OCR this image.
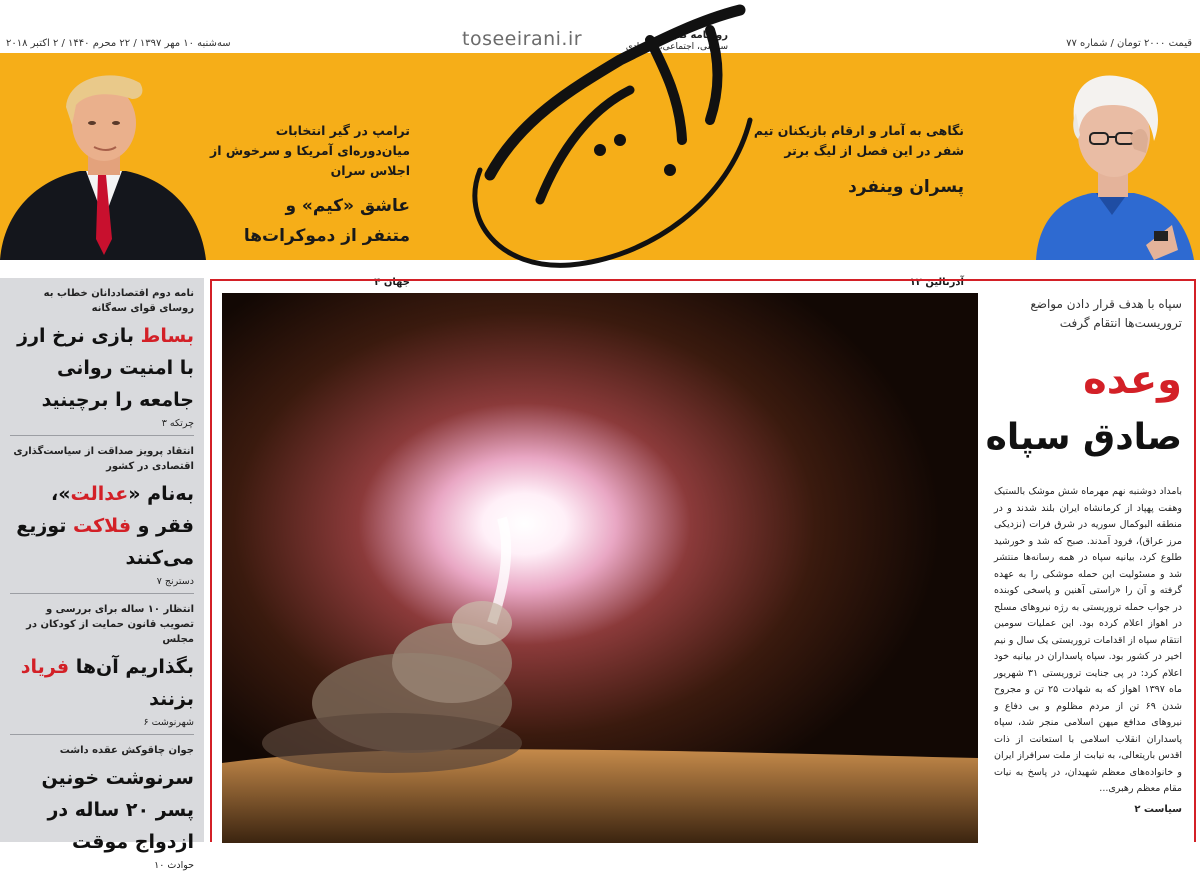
قیمت ۲۰۰۰ تومان / شماره ۷۷
سه‌شنبه ۱۰ مهر ۱۳۹۷ / ۲۲ محرم ۱۴۴۰ / ۲ اکتبر ۲۰۱۸	toseeirani.ir	روزنامه صبح
سیاسی، اجتماعی، اقتصادی
نگاهی به آمار و ارقام بازیکنان تیم شفر در این فصل از لیگ برتر
پسران وینفرد
آدرنالین ۱۲
ترامپ در گیر انتخابات میان‌دوره‌ای آمریکا و سرخوش از اجلاس سران
عاشق «کیم» و
متنفر از دموکرات‌ها
جهان ۴
نامه دوم اقتصاددانان خطاب به روسای قوای سه‌گانه
بساط بازی نرخ ارز با امنیت روانی جامعه را برچینید
چرتکه ۳
انتقاد پرویز صداقت از سیاست‌گذاری اقتصادی در کشور
به‌نام «عدالت»، فقر و فلاکت توزیع می‌کنند
دسترنج ۷
انتظار ۱۰ ساله برای بررسی و تصویب قانون حمایت از کودکان در مجلس
بگذاریم آن‌ها فریاد بزنند
شهرنوشت ۶
جوان چاقوکش عقده داشت
سرنوشت خونین پسر ۲۰ ساله در ازدواج موقت
حوادث ۱۰
سپاه با هدف قرار دادن مواضع تروریست‌ها انتقام گرفت
وعده
صادق سپاه
بامداد دوشنبه نهم مهرماه شش موشک بالستیک وهفت پهپاد از کرمانشاه ایران بلند شدند و در منطقه البوکمال سوریه در شرق فرات (نزدیکی مرز عراق)، فرود آمدند. صبح که شد و خورشید طلوع کرد، بیانیه سپاه در همه رسانه‌ها منتشر شد و مسئولیت این حمله موشکی را به عهده گرفته و آن را «راستی آهنین و پاسخی کوبنده در جواب حمله تروریستی به رژه نیروهای مسلح در اهواز اعلام کرده بود. این عملیات سومین انتقام سپاه از اقدامات تروریستی یک سال و نیم اخیر در کشور بود. سپاه پاسداران در بیانیه خود اعلام کرد: در پی جنایت تروریستی ۳۱ شهریور ماه ۱۳۹۷ اهواز که به شهادت ۲۵ تن و مجروح شدن ۶۹ تن از مردم مظلوم و بی دفاع و نیروهای مدافع میهن اسلامی منجر شد، سپاه پاسداران انقلاب اسلامی با استعانت از ذات اقدس باریتعالی، به نیابت از ملت سرافراز ایران و خانواده‌های معظم شهیدان، در پاسخ به نیات مقام معظم رهبری...
سیاست ۲
